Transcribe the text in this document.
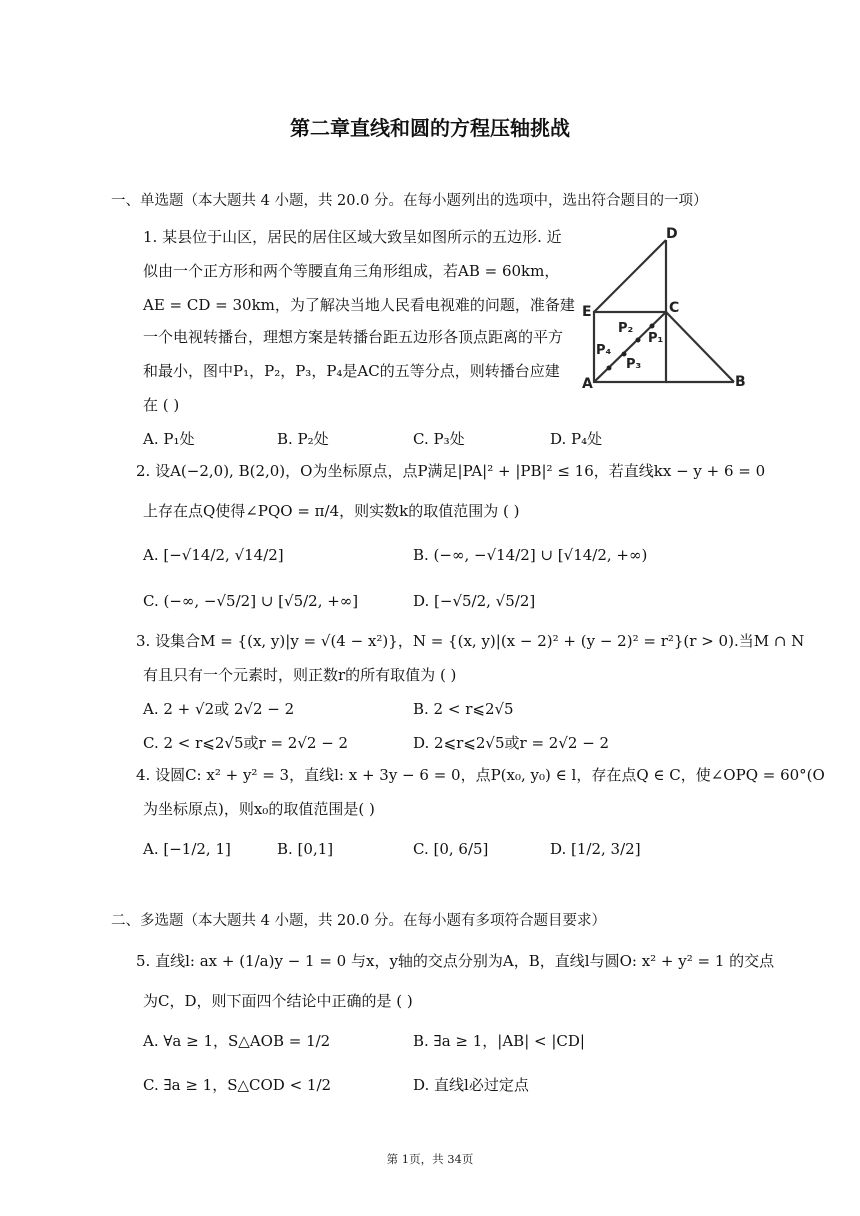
第二章直线和圆的方程压轴挑战
一、单选题（本大题共 4 小题，共 20.0 分。在每小题列出的选项中，选出符合题目的一项）
1. 某县位于山区，居民的居住区域大致呈如图所示的五边形. 近
似由一个正方形和两个等腰直角三角形组成，若AB = 60km，
AE = CD = 30km，为了解决当地人民看电视难的问题，准备建
一个电视转播台，理想方案是转播台距五边形各顶点距离的平方
和最小，图中P₁，P₂，P₃，P₄是AC的五等分点，则转播台应建
在 ( )
D
E	C
A	B
P₁
P₂
P₃
P₄
A. P₁处	B. P₂处	C. P₃处	D. P₄处
2. 设A(−2,0), B(2,0)，O为坐标原点，点P满足|PA|² + |PB|² ≤ 16，若直线kx − y + 6 = 0
上存在点Q使得∠PQO = π/4，则实数k的取值范围为 ( )
A. [−√14/2, √14/2]	B. (−∞, −√14/2] ∪ [√14/2, +∞)
C. (−∞, −√5/2] ∪ [√5/2, +∞]	D. [−√5/2, √5/2]
3. 设集合M = {(x, y)|y = √(4 − x²)}，N = {(x, y)|(x − 2)² + (y − 2)² = r²}(r > 0).当M ∩ N
有且只有一个元素时，则正数r的所有取值为 ( )
A. 2 + √2或 2√2 − 2	B. 2 < r⩽2√5
C. 2 < r⩽2√5或r = 2√2 − 2	D. 2⩽r⩽2√5或r = 2√2 − 2
4. 设圆C: x² + y² = 3，直线l: x + 3y − 6 = 0，点P(x₀, y₀) ∈ l，存在点Q ∈ C，使∠OPQ = 60°(O
为坐标原点)，则x₀的取值范围是( )
A. [−1/2, 1]	B. [0,1]	C. [0, 6/5]	D. [1/2, 3/2]
二、多选题（本大题共 4 小题，共 20.0 分。在每小题有多项符合题目要求）
5. 直线l: ax + (1/a)y − 1 = 0 与x，y轴的交点分别为A，B，直线l与圆O: x² + y² = 1 的交点
为C，D，则下面四个结论中正确的是 ( )
A. ∀a ≥ 1，S△AOB = 1/2	B. ∃a ≥ 1，|AB| < |CD|
C. ∃a ≥ 1，S△COD < 1/2	D. 直线l必过定点
第 1页，共 34页
